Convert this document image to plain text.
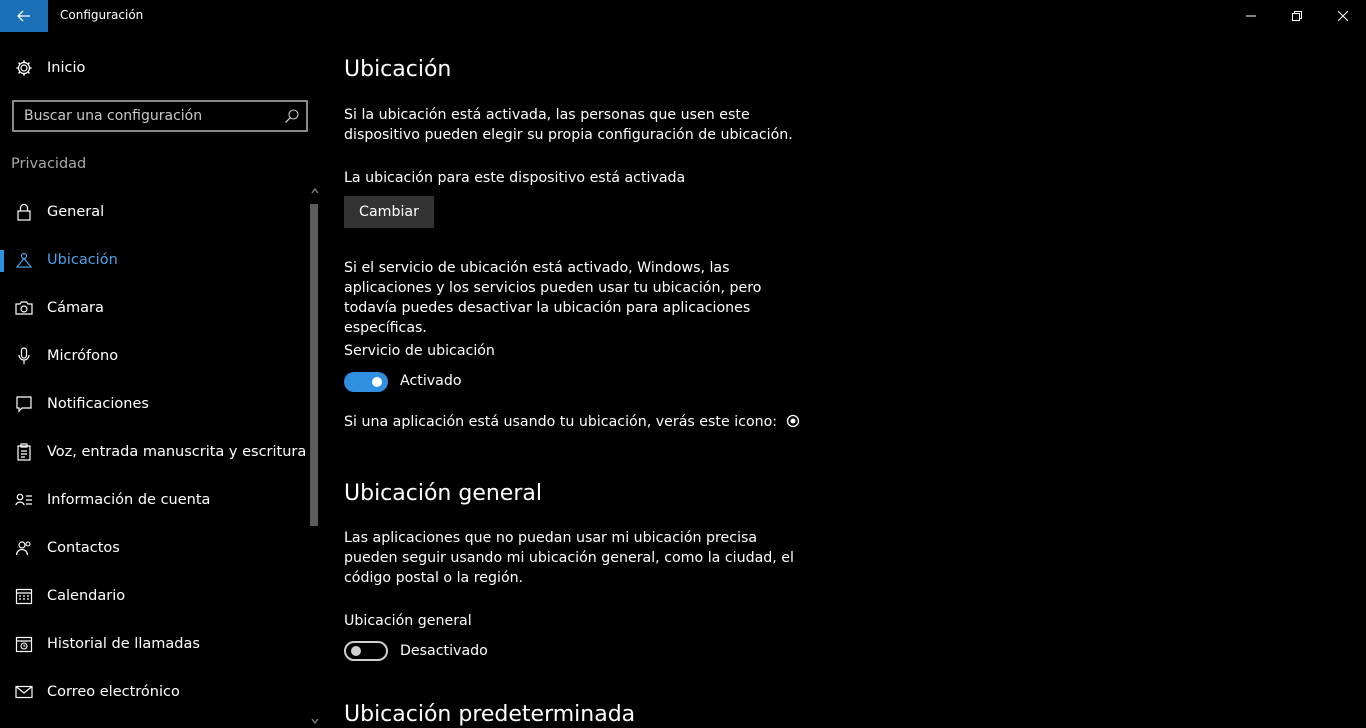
Configuración
Inicio
Buscar una configuración
Privacidad
General
Ubicación
Cámara
Micrófono
Notificaciones
Voz, entrada manuscrita y escritura
Información de cuenta
Contactos
Calendario
Historial de llamadas
Correo electrónico
Ubicación
Si la ubicación está activada, las personas que usen este dispositivo pueden elegir su propia configuración de ubicación.
La ubicación para este dispositivo está activada
Cambiar
Si el servicio de ubicación está activado, Windows, las aplicaciones y los servicios pueden usar tu ubicación, pero todavía puedes desactivar la ubicación para aplicaciones específicas.
Servicio de ubicación
Activado
Si una aplicación está usando tu ubicación, verás este icono:
Ubicación general
Las aplicaciones que no puedan usar mi ubicación precisa pueden seguir usando mi ubicación general, como la ciudad, el código postal o la región.
Ubicación general
Desactivado
Ubicación predeterminada
